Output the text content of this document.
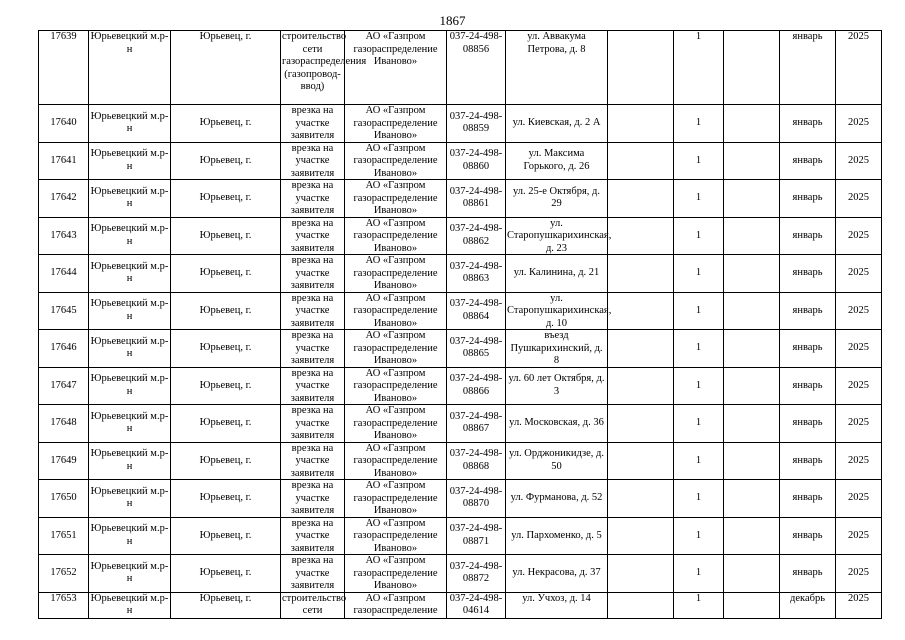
1867
17639	Юрьевецкий м.р-н	Юрьевец, г.	строительство сети газораспределения (газопровод-ввод)	АО «Газпром газораспределение Иваново»	037-24-498-08856	ул. Аввакума Петрова, д. 8		1		январь	2025

17640	Юрьевецкий м.р-н	Юрьевец, г.	врезка на участке заявителя	АО «Газпром газораспределение Иваново»	037-24-498-08859	ул. Киевская, д. 2 А		1		январь	2025

17641	Юрьевецкий м.р-н	Юрьевец, г.	врезка на участке заявителя	АО «Газпром газораспределение Иваново»	037-24-498-08860	ул. Максима Горького, д. 26		1		январь	2025

17642	Юрьевецкий м.р-н	Юрьевец, г.	врезка на участке заявителя	АО «Газпром газораспределение Иваново»	037-24-498-08861	ул. 25-е Октября, д. 29		1		январь	2025

17643	Юрьевецкий м.р-н	Юрьевец, г.	врезка на участке заявителя	АО «Газпром газораспределение Иваново»	037-24-498-08862	ул. Старопушкарихинская, д. 23		1		январь	2025

17644	Юрьевецкий м.р-н	Юрьевец, г.	врезка на участке заявителя	АО «Газпром газораспределение Иваново»	037-24-498-08863	ул. Калинина, д. 21		1		январь	2025

17645	Юрьевецкий м.р-н	Юрьевец, г.	врезка на участке заявителя	АО «Газпром газораспределение Иваново»	037-24-498-08864	ул. Старопушкарихинская, д. 10		1		январь	2025

17646	Юрьевецкий м.р-н	Юрьевец, г.	врезка на участке заявителя	АО «Газпром газораспределение Иваново»	037-24-498-08865	въезд Пушкарихинский, д. 8		1		январь	2025

17647	Юрьевецкий м.р-н	Юрьевец, г.	врезка на участке заявителя	АО «Газпром газораспределение Иваново»	037-24-498-08866	ул. 60 лет Октября, д. 3		1		январь	2025

17648	Юрьевецкий м.р-н	Юрьевец, г.	врезка на участке заявителя	АО «Газпром газораспределение Иваново»	037-24-498-08867	ул. Московская, д. 36		1		январь	2025

17649	Юрьевецкий м.р-н	Юрьевец, г.	врезка на участке заявителя	АО «Газпром газораспределение Иваново»	037-24-498-08868	ул. Орджоникидзе, д. 50		1		январь	2025

17650	Юрьевецкий м.р-н	Юрьевец, г.	врезка на участке заявителя	АО «Газпром газораспределение Иваново»	037-24-498-08870	ул. Фурманова, д. 52		1		январь	2025

17651	Юрьевецкий м.р-н	Юрьевец, г.	врезка на участке заявителя	АО «Газпром газораспределение Иваново»	037-24-498-08871	ул. Пархоменко, д. 5		1		январь	2025

17652	Юрьевецкий м.р-н	Юрьевец, г.	врезка на участке заявителя	АО «Газпром газораспределение Иваново»	037-24-498-08872	ул. Некрасова, д. 37		1		январь	2025

17653	Юрьевецкий м.р-н	Юрьевец, г.	строительство сети	АО «Газпром газораспределение	037-24-498-04614	ул. Учхоз, д. 14		1		декабрь	2025
